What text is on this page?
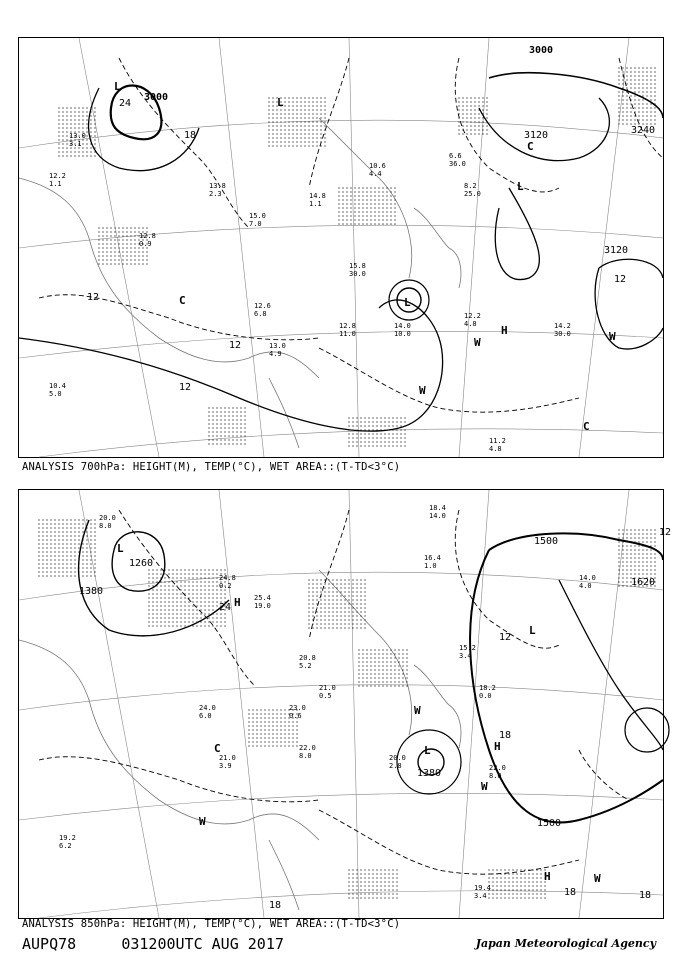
3000
3000
3120
3120
3240
12
12
12
12
24
18
L
L
L
L
H
C
C
C
W
W	W
12.2
1.1
13.0
3.1
12.8
0.9
13.8
2.3
15.0
7.0
14.8
1.1
12.6
6.8
13.0
4.9
12.8
11.0
15.8
30.0
14.0
10.0
12.2
4.8	14.2
30.0
10.6
4.4
11.2
4.8
6.6
36.0
8.2
25.0
10.4
5.0
ANALYSIS 700hPa: HEIGHT(M), TEMP(°C), WET AREA::(T-TD<3°C)
1260
1380
1380
1500
1500
1620
24
18
18
18	18
12
12
L
L
L
H
H
H
C
W
W
W
W
20.0
8.0
24.8
0.2
25.4
19.0
20.8
5.2
21.0
0.5
23.0
0.6
24.0
6.0
22.0
8.0
21.0
3.9
20.0
2.8	22.0
8.0
16.4
1.0
15.2
3.4
18.2
0.0
19.4
3.4
14.0
4.0
18.4
14.0
19.2
6.2
ANALYSIS 850hPa: HEIGHT(M), TEMP(°C), WET AREA::(T-TD<3°C)
AUPQ78	031200UTC AUG 2017	Japan Meteorological Agency
